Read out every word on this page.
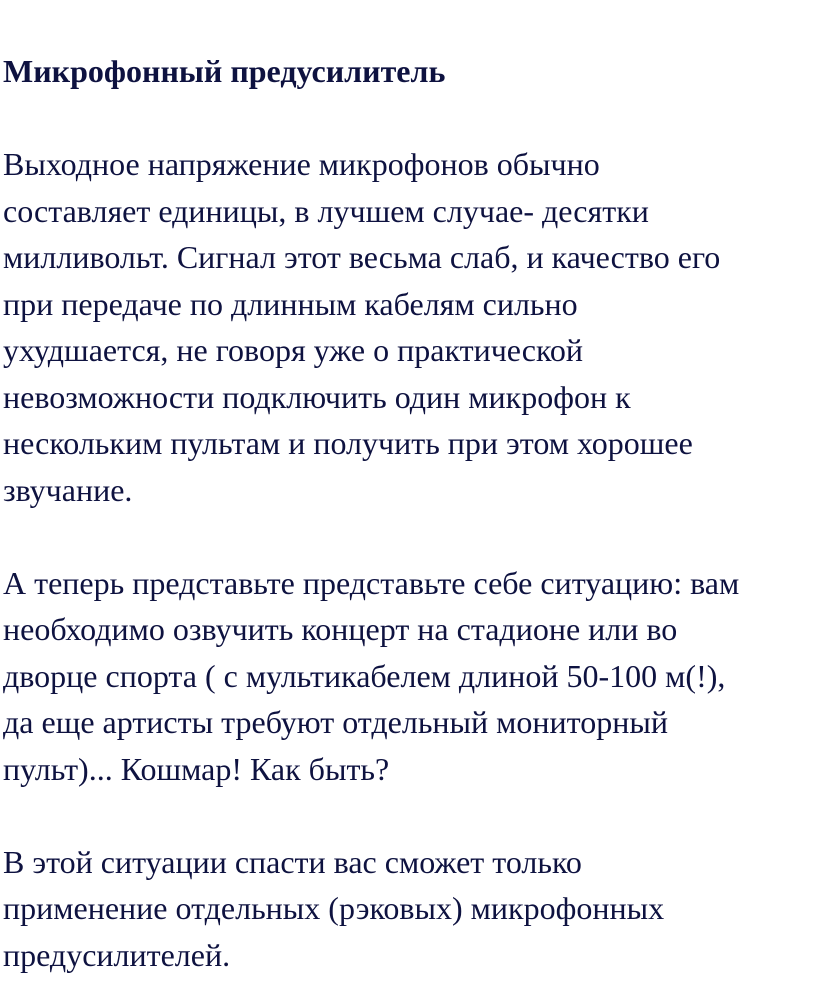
Микрофонный предусилитель
Выходное напряжение микрофонов обычно
составляет единицы, в лучшем случае- десятки
милливольт. Сигнал этот весьма слаб, и качество его
при передаче по длинным кабелям сильно
ухудшается, не говоря уже о практической
невозможности подключить один микрофон к
нескольким пультам и получить при этом хорошее
звучание.
А теперь представьте представьте себе ситуацию: вам
необходимо озвучить концерт на стадионе или во
дворце спорта ( с мультикабелем длиной 50-100 м(!),
да еще артисты требуют отдельный мониторный
пульт)... Кошмар! Как быть?
В этой ситуации спасти вас сможет только
применение отдельных (рэковых) микрофонных
предусилителей.
